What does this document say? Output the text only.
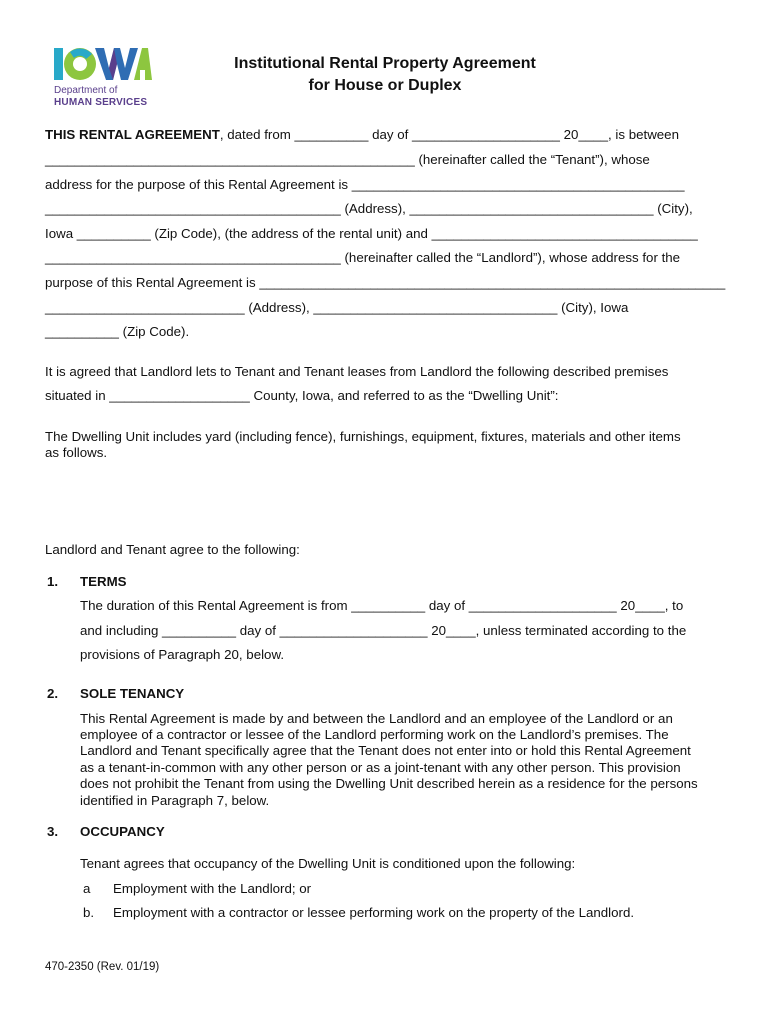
Department of
HUMAN SERVICES
Institutional Rental Property Agreement
for House or Duplex
THIS RENTAL AGREEMENT, dated from __________ day of ____________________ 20____, is between
__________________________________________________ (hereinafter called the “Tenant”), whose
address for the purpose of this Rental Agreement is _____________________________________________
________________________________________ (Address), _________________________________ (City),
Iowa __________ (Zip Code), (the address of the rental unit) and ____________________________________
________________________________________ (hereinafter called the “Landlord”), whose address for the
purpose of this Rental Agreement is _______________________________________________________________
___________________________ (Address), _________________________________ (City), Iowa
__________ (Zip Code).
It is agreed that Landlord lets to Tenant and Tenant leases from Landlord the following described premises
situated in ___________________ County, Iowa, and referred to as the “Dwelling Unit”:
The Dwelling Unit includes yard (including fence), furnishings, equipment, fixtures, materials and other items
as follows.
Landlord and Tenant agree to the following:
1. TERMS
The duration of this Rental Agreement is from __________ day of ____________________ 20____, to
and including __________ day of ____________________ 20____, unless terminated according to the
provisions of Paragraph 20, below.
2. SOLE TENANCY
This Rental Agreement is made by and between the Landlord and an employee of the Landlord or an
employee of a contractor or lessee of the Landlord performing work on the Landlord’s premises. The
Landlord and Tenant specifically agree that the Tenant does not enter into or hold this Rental Agreement
as a tenant-in-common with any other person or as a joint-tenant with any other person. This provision
does not prohibit the Tenant from using the Dwelling Unit described herein as a residence for the persons
identified in Paragraph 7, below.
3. OCCUPANCY
Tenant agrees that occupancy of the Dwelling Unit is conditioned upon the following:
a Employment with the Landlord; or
b. Employment with a contractor or lessee performing work on the property of the Landlord.
470-2350 (Rev. 01/19)
